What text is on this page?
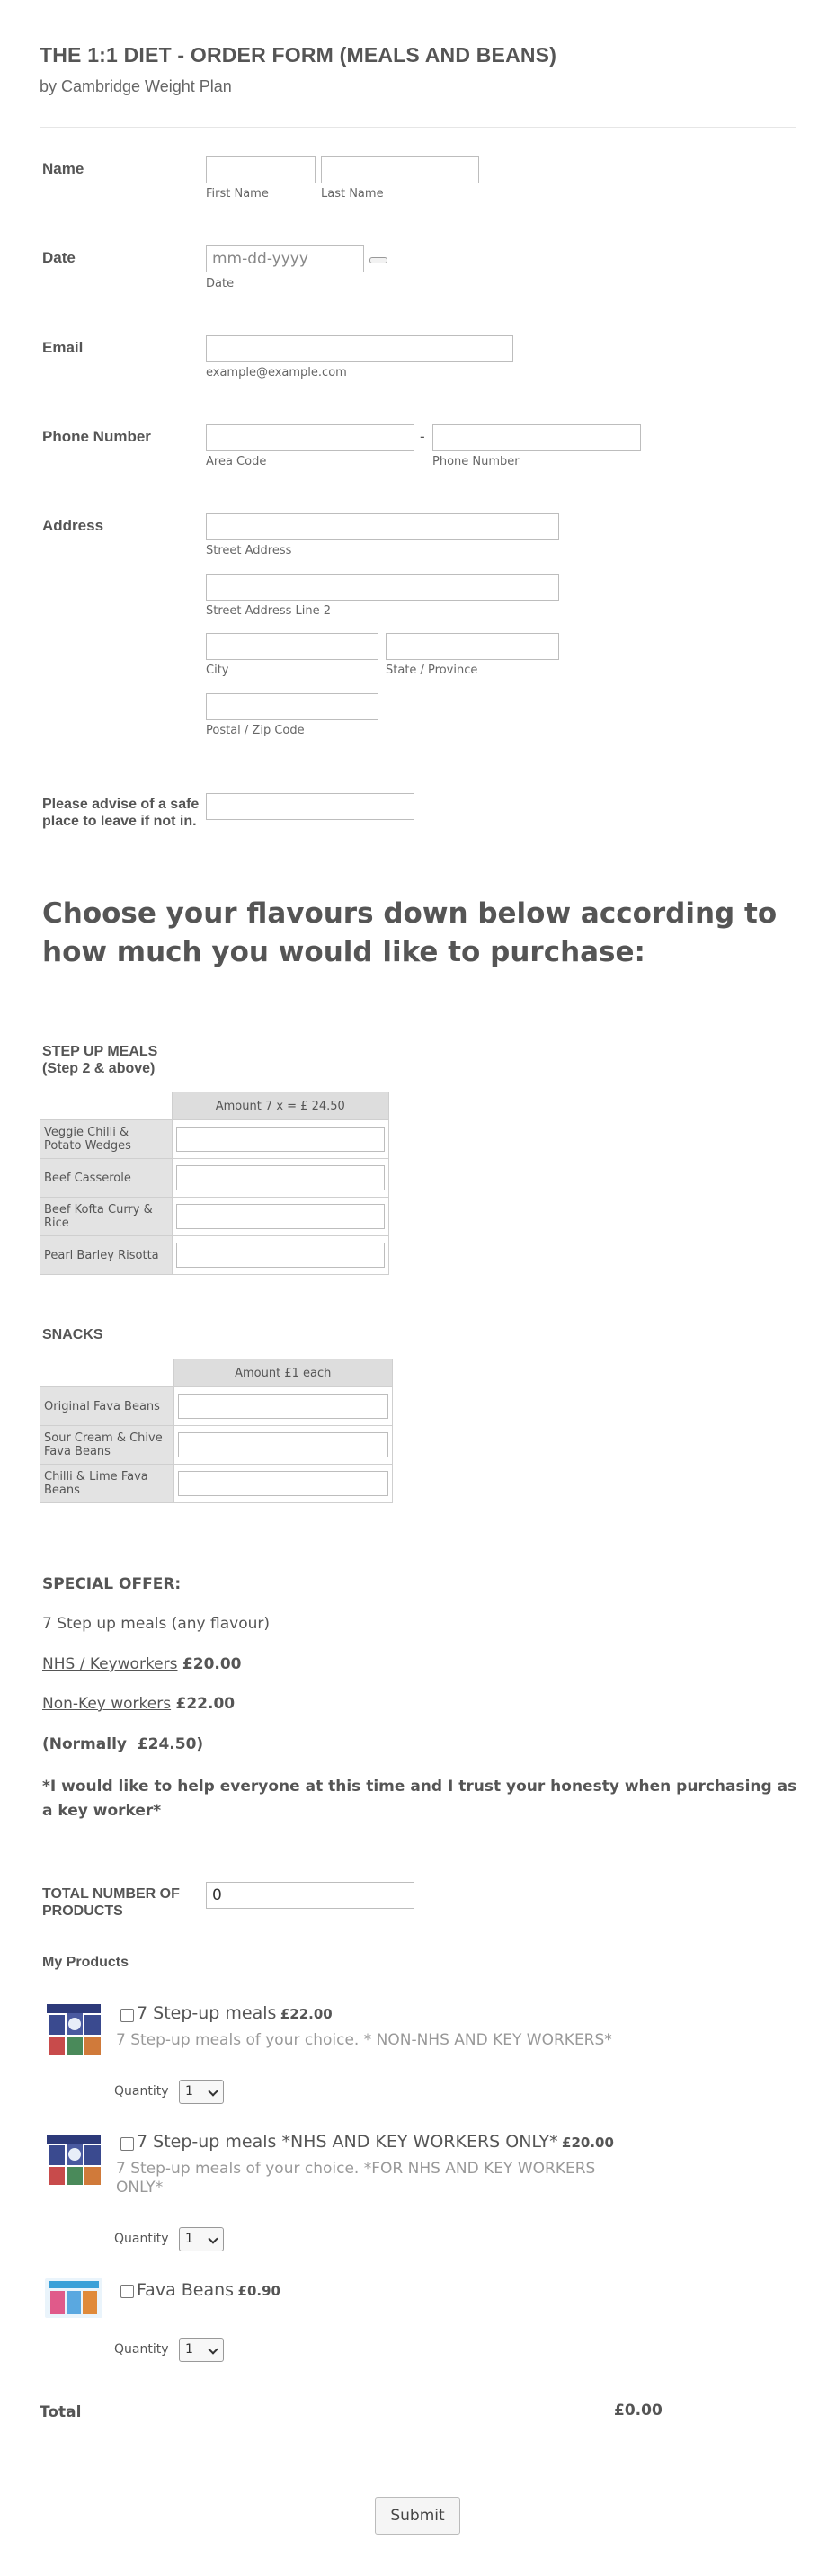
THE 1:1 DIET - ORDER FORM (MEALS AND BEANS)
by Cambridge Weight Plan
Name
First Name	Last Name
Date	mm-dd-yyyy
Date
Email
example@example.com
Phone Number	-
Area Code	Phone Number
Address
Street Address
Street Address Line 2
City	State / Province
Postal / Zip Code
Please advise of a safe place to leave if not in.
Choose your flavours down below according to how much you would like to purchase:
STEP UP MEALS
(Step 2 & above)
	Amount 7 x = £ 24.50
Veggie Chilli & Potato Wedges	

Beef Casserole	

Beef Kofta Curry & Rice	

Pearl Barley Risotta	
SNACKS
	Amount £1 each
Original Fava Beans	

Sour Cream & Chive Fava Beans	

Chilli & Lime Fava Beans	
SPECIAL OFFER:
7 Step up meals (any flavour)
NHS / Keyworkers £20.00
Non-Key workers £22.00
(Normally  £24.50)
*I would like to help everyone at this time and I trust your honesty when purchasing as a key worker*
TOTAL NUMBER OF PRODUCTS
0
My Products
7 Step-up meals £22.00
7 Step-up meals of your choice. * NON-NHS AND KEY WORKERS*
Quantity	1
7 Step-up meals *NHS AND KEY WORKERS ONLY* £20.00
7 Step-up meals of your choice. *FOR NHS AND KEY WORKERS ONLY*
Quantity	1
Fava Beans £0.90
Quantity	1
Total	£0.00
Submit
